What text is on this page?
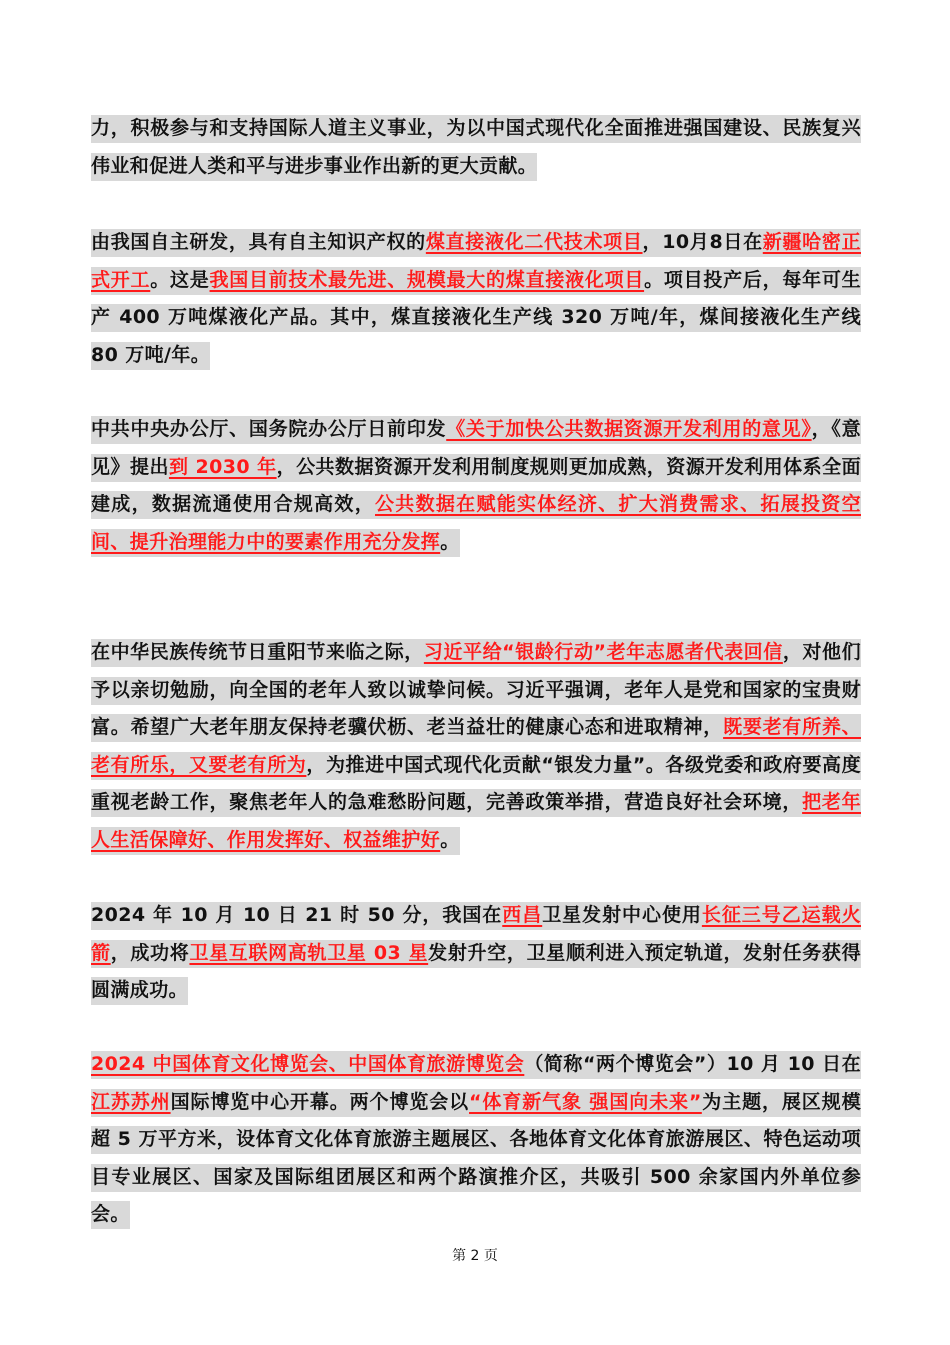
力，积极参与和支持国际人道主义事业，为以中国式现代化全面推进强国建设、民族复兴伟业和促进人类和平与进步事业作出新的更大贡献。

由我国自主研发，具有自主知识产权的煤直接液化二代技术项目，10月8日在新疆哈密正式开工。这是我国目前技术最先进、规模最大的煤直接液化项目。项目投产后，每年可生产 400 万吨煤液化产品。其中，煤直接液化生产线 320 万吨/年，煤间接液化生产线 80 万吨/年。

中共中央办公厅、国务院办公厅日前印发《关于加快公共数据资源开发利用的意见》，《意见》提出到 2030 年，公共数据资源开发利用制度规则更加成熟，资源开发利用体系全面建成，数据流通使用合规高效，公共数据在赋能实体经济、扩大消费需求、拓展投资空间、提升治理能力中的要素作用充分发挥。

在中华民族传统节日重阳节来临之际，习近平给“银龄行动”老年志愿者代表回信，对他们予以亲切勉励，向全国的老年人致以诚挚问候。习近平强调，老年人是党和国家的宝贵财富。希望广大老年朋友保持老骥伏枥、老当益壮的健康心态和进取精神，既要老有所养、老有所乐，又要老有所为，为推进中国式现代化贡献“银发力量”。各级党委和政府要高度重视老龄工作，聚焦老年人的急难愁盼问题，完善政策举措，营造良好社会环境，把老年人生活保障好、作用发挥好、权益维护好。

2024 年 10 月 10 日 21 时 50 分，我国在西昌卫星发射中心使用长征三号乙运载火箭，成功将卫星互联网高轨卫星 03 星发射升空，卫星顺利进入预定轨道，发射任务获得圆满成功。

2024 中国体育文化博览会、中国体育旅游博览会（简称“两个博览会”）10 月 10 日在江苏苏州国际博览中心开幕。两个博览会以“体育新气象 强国向未来”为主题，展区规模超 5 万平方米，设体育文化体育旅游主题展区、各地体育文化体育旅游展区、特色运动项目专业展区、国家及国际组团展区和两个路演推介区，共吸引 500 余家国内外单位参会。

第 2 页
